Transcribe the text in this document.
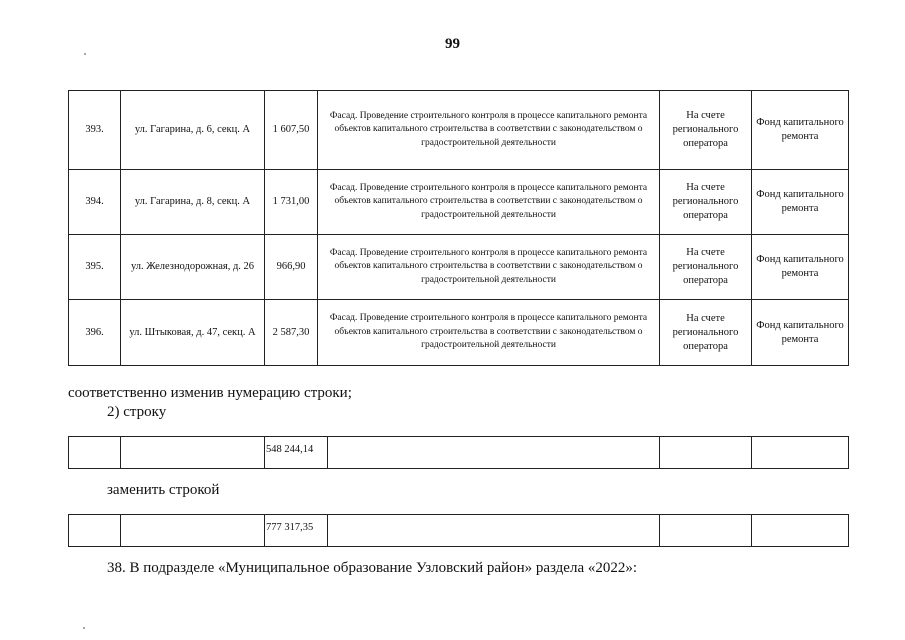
99
393.	ул. Гагарина, д. 6, секц. А	1 607,50	Фасад. Проведение строительного контроля в процессе капитального ремонта объектов капитального строительства в соответствии с законодательством о градостроительной деятельности	На счете регионального оператора	Фонд капитального ремонта
394.	ул. Гагарина, д. 8, секц. А	1 731,00	Фасад. Проведение строительного контроля в процессе капитального ремонта объектов капитального строительства в соответствии с законодательством о градостроительной деятельности	На счете регионального оператора	Фонд капитального ремонта
395.	ул. Железнодорожная, д. 26	966,90	Фасад. Проведение строительного контроля в процессе капитального ремонта объектов капитального строительства в соответствии с законодательством о градостроительной деятельности	На счете регионального оператора	Фонд капитального ремонта
396.	ул. Штыковая, д. 47, секц. А	2 587,30	Фасад. Проведение строительного контроля в процессе капитального ремонта объектов капитального строительства в соответствии с законодательством о градостроительной деятельности	На счете регионального оператора	Фонд капитального ремонта
соответственно изменив нумерацию строки;
2) строку
		548 244,14			
заменить строкой
		777 317,35			
38. В подразделе «Муниципальное образование Узловский район» раздела «2022»:
